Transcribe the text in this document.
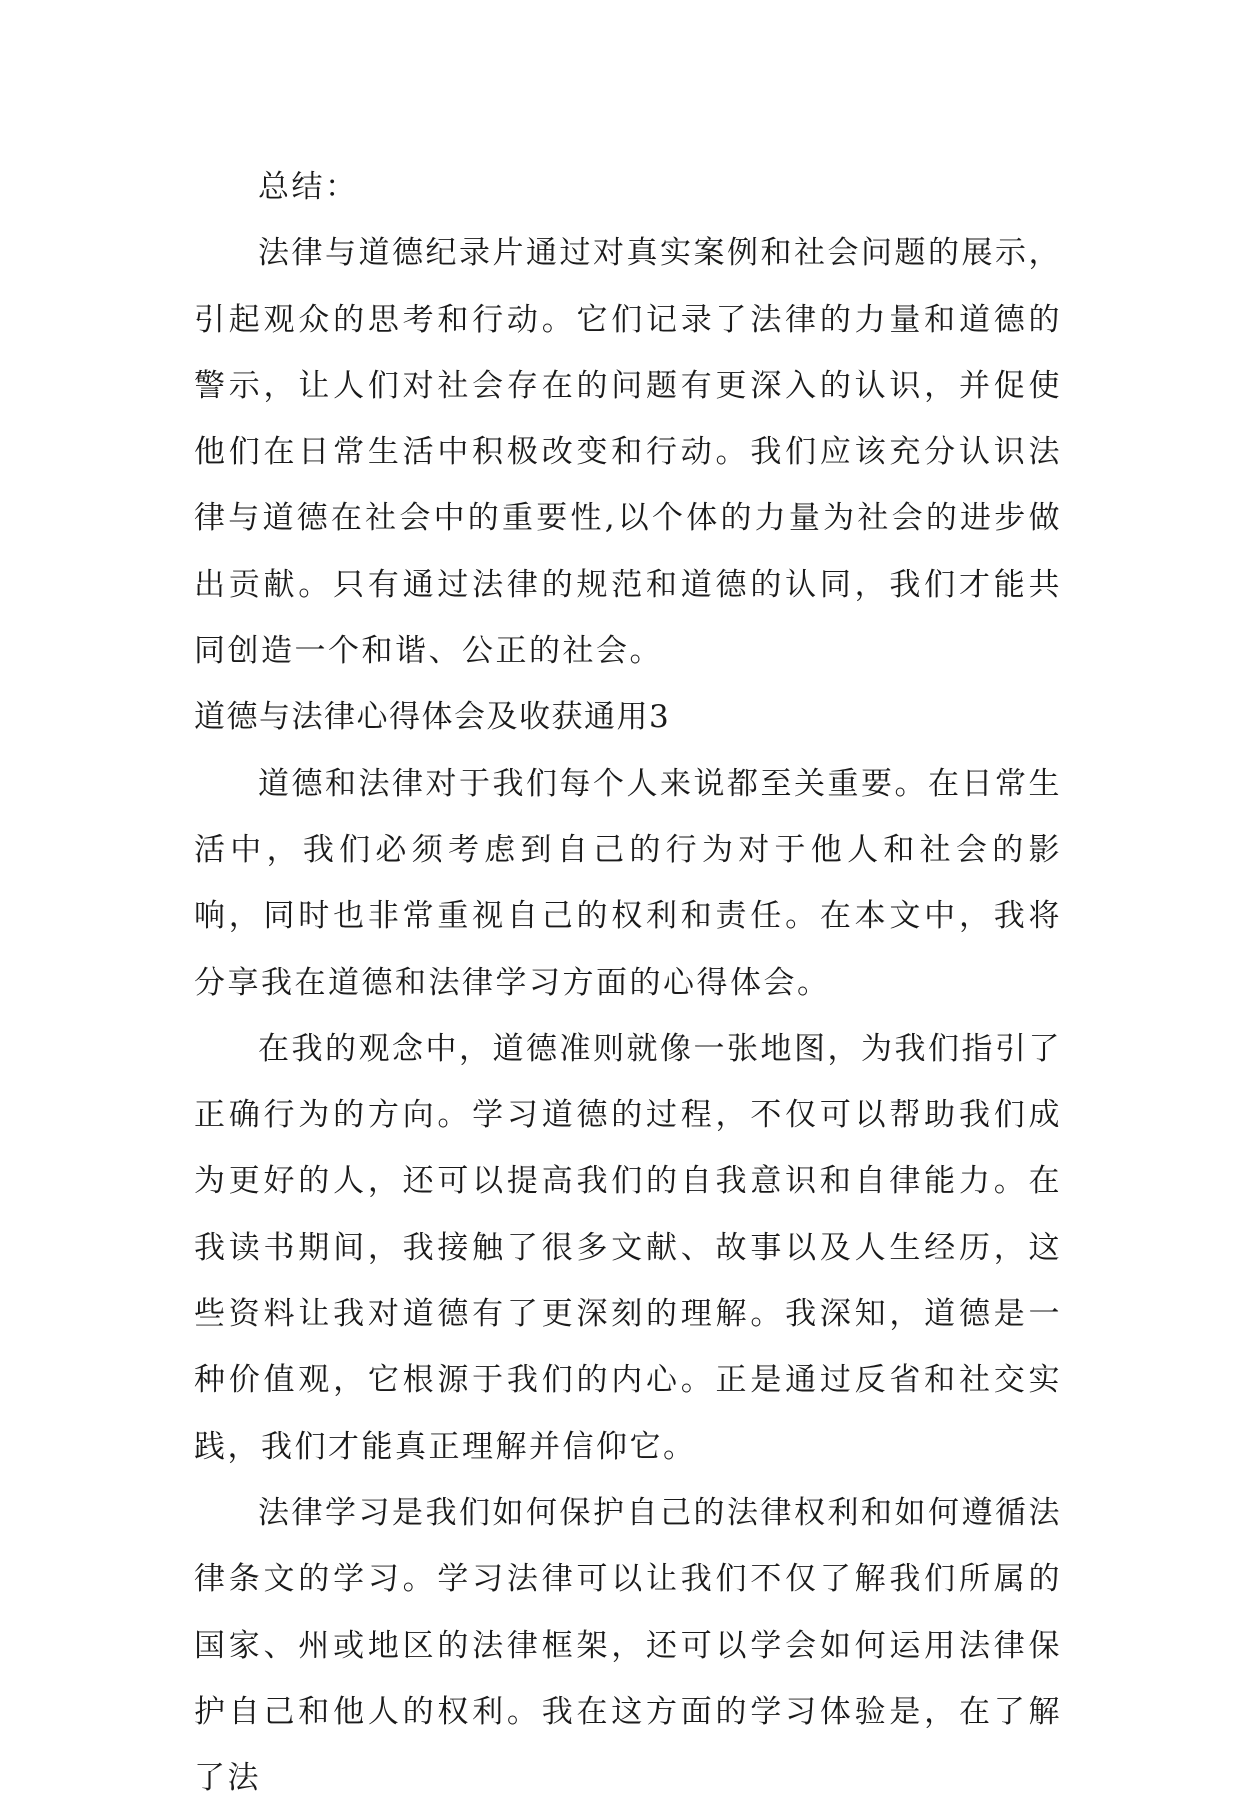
总结：

法律与道德纪录片通过对真实案例和社会问题的展示，引起观众的思考和行动。它们记录了法律的力量和道德的警示，让人们对社会存在的问题有更深入的认识，并促使他们在日常生活中积极改变和行动。我们应该充分认识法律与道德在社会中的重要性,以个体的力量为社会的进步做出贡献。只有通过法律的规范和道德的认同，我们才能共同创造一个和谐、公正的社会。

道德与法律心得体会及收获通用3

道德和法律对于我们每个人来说都至关重要。在日常生活中，我们必须考虑到自己的行为对于他人和社会的影响，同时也非常重视自己的权利和责任。在本文中，我将分享我在道德和法律学习方面的心得体会。

在我的观念中，道德准则就像一张地图，为我们指引了正确行为的方向。学习道德的过程，不仅可以帮助我们成为更好的人，还可以提高我们的自我意识和自律能力。在我读书期间，我接触了很多文献、故事以及人生经历，这些资料让我对道德有了更深刻的理解。我深知，道德是一种价值观，它根源于我们的内心。正是通过反省和社交实践，我们才能真正理解并信仰它。

法律学习是我们如何保护自己的法律权利和如何遵循法律条文的学习。学习法律可以让我们不仅了解我们所属的国家、州或地区的法律框架，还可以学会如何运用法律保护自己和他人的权利。我在这方面的学习体验是，在了解了法
